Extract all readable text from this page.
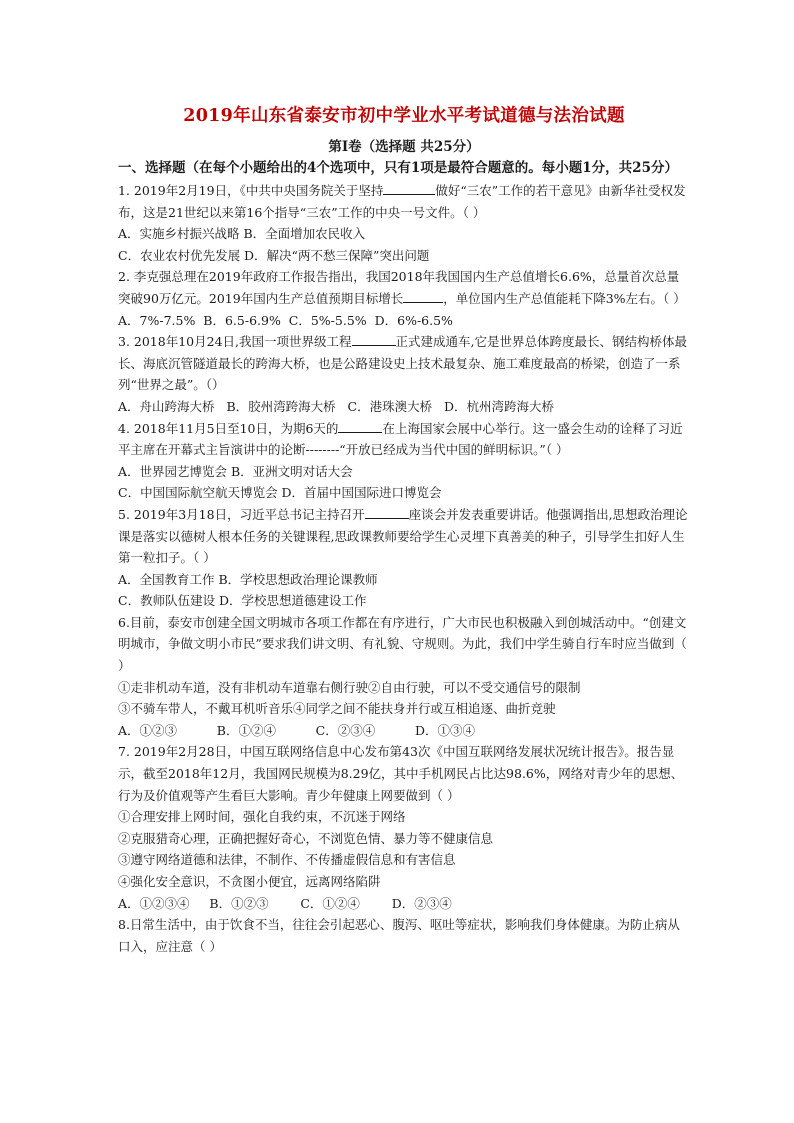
2019年山东省泰安市初中学业水平考试道德与法治试题
第I卷（选择题 共25分）
一、选择题（在每个小题给出的4个选项中，只有1项是最符合题意的。每小题1分，共25分）

1. 2019年2月19日，《中共中央国务院关于坚持	做好“三农”工作的若干意见》由新华社受权发布，这是21世纪以来第16个指导“三农”工作的中央一号文件。（ ）

A．实施乡村振兴战略 B．全面增加农民收入

C．农业农村优先发展 D．解决“两不愁三保障”突出问题

2. 李克强总理在2019年政府工作报告指出，我国2018年我国国内生产总值增长6.6%，总量首次总量突破90万亿元。2019年国内生产总值预期目标增长	，单位国内生产总值能耗下降3%左右。（ ）

A．7%-7.5%  B．6.5-6.9%  C．5%-5.5%  D．6%-6.5%

3. 2018年10月24日,我国一项世界级工程	正式建成通车,它是世界总体跨度最长、钢结构桥体最长、海底沉管隧道最长的跨海大桥，也是公路建设史上技术最复杂、施工难度最高的桥梁，创造了一系列“世界之最”。（）

A．舟山跨海大桥   B．胶州湾跨海大桥   C．港珠澳大桥   D．杭州湾跨海大桥

4. 2018年11月5日至10日，为期6天的	在上海国家会展中心举行。这一盛会生动的诠释了习近平主席在开幕式主旨演讲中的论断--------“开放已经成为当代中国的鲜明标识。”（ ）

A．世界园艺博览会 B．亚洲文明对话大会

C．中国国际航空航天博览会 D．首届中国国际进口博览会

5. 2019年3月18日，习近平总书记主持召开	座谈会并发表重要讲话。他强调指出,思想政治理论课是落实以德树人根本任务的关键课程,思政课教师要给学生心灵埋下真善美的种子，引导学生扣好人生第一粒扣子。（ ）

A．全国教育工作 B．学校思想政治理论课教师

C．教师队伍建设 D．学校思想道德建设工作

6.目前，泰安市创建全国文明城市各项工作都在有序进行，广大市民也积极融入到创城活动中。“创建文明城市，争做文明小市民”要求我们讲文明、有礼貌、守规则。为此，我们中学生骑自行车时应当做到（ ）

①走非机动车道，没有非机动车道靠右侧行驶②自由行驶，可以不受交通信号的限制

③不骑车带人，不戴耳机听音乐④同学之间不能扶身并行或互相追逐、曲折竞驶

A．①②③          B．①②④          C．②③④          D．①③④

7. 2019年2月28日，中国互联网络信息中心发布第43次《中国互联网络发展状况统计报告》。报告显示，截至2018年12月，我国网民规模为8.29亿，其中手机网民占比达98.6%，网络对青少年的思想、行为及价值观等产生看巨大影响。青少年健康上网要做到（ ）

①合理安排上网时间，强化自我约束，不沉迷于网络

②克服猎奇心理，正确把握好奇心，不浏览色情、暴力等不健康信息

③遵守网络道德和法律，不制作、不传播虚假信息和有害信息

④强化安全意识，不贪图小便宜，远离网络陷阱

A．①②③④     B．①②③        C．①②④        D．②③④

8.日常生活中，由于饮食不当，往往会引起恶心、腹泻、呕吐等症状，影响我们身体健康。为防止病从口入，应注意（ ）
